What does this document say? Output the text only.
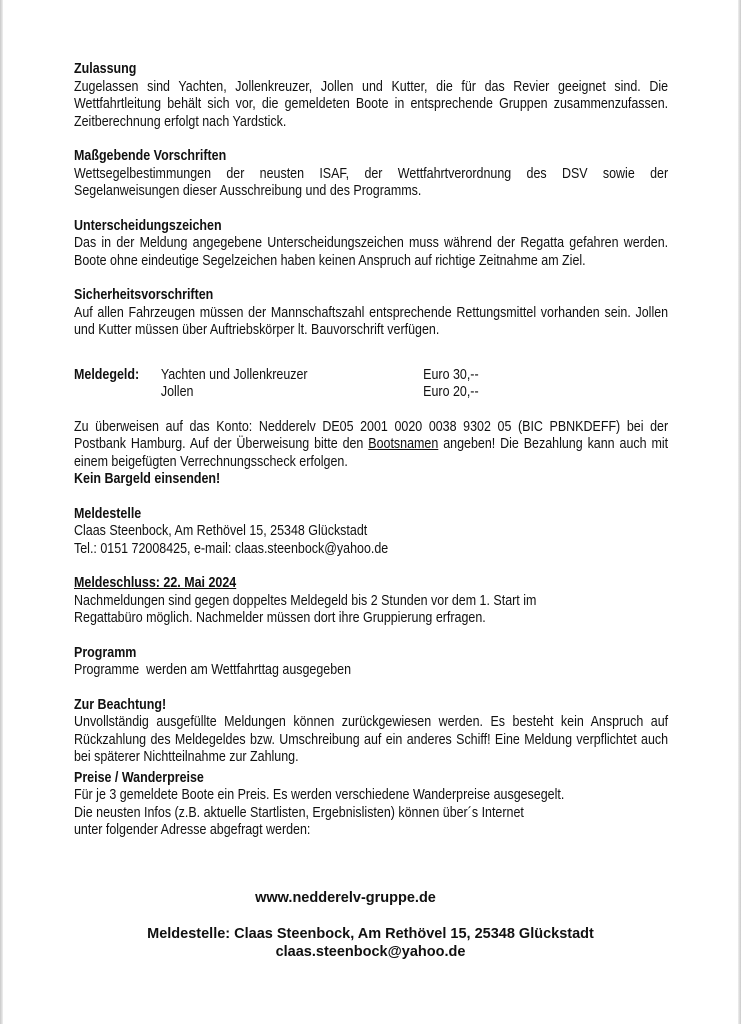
Zulassung

Zugelassen sind Yachten, Jollenkreuzer, Jollen und Kutter, die für das Revier geeignet sind. Die Wettfahrtleitung behält sich vor, die gemeldeten Boote in entsprechende Gruppen zusammenzufassen. Zeitberechnung erfolgt nach Yardstick.

Maßgebende Vorschriften

Wettsegelbestimmungen der neusten ISAF, der Wettfahrtverordnung des DSV sowie der Segelanweisungen dieser Ausschreibung und des Programms.

Unterscheidungszeichen

Das in der Meldung angegebene Unterscheidungszeichen muss während der Regatta gefahren werden. Boote ohne eindeutige Segelzeichen haben keinen Anspruch auf richtige Zeitnahme am Ziel.

Sicherheitsvorschriften

Auf allen Fahrzeugen müssen der Mannschaftszahl entsprechende Rettungsmittel vorhanden sein. Jollen und Kutter müssen über Auftriebskörper lt. Bauvorschrift verfügen.

Meldegeld: Yachten und Jollenkreuzer	Euro 30,--
Jollen	Euro 20,--

Zu überweisen auf das Konto: Nedderelv DE05 2001 0020 0038 9302 05 (BIC PBNKDEFF) bei der Postbank Hamburg. Auf der Überweisung bitte den Bootsnamen angeben! Die Bezahlung kann auch mit einem beigefügten Verrechnungsscheck erfolgen.

Kein Bargeld einsenden!

Meldestelle

Claas Steenbock, Am Rethövel 15, 25348 Glückstadt

Tel.: 0151 72008425, e-mail: claas.steenbock@yahoo.de

Meldeschluss: 22. Mai 2024

Nachmeldungen sind gegen doppeltes Meldegeld bis 2 Stunden vor dem 1. Start im Regattabüro möglich. Nachmelder müssen dort ihre Gruppierung erfragen.

Programm

Programme  werden am Wettfahrttag ausgegeben

Zur Beachtung!

Unvollständig ausgefüllte Meldungen können zurückgewiesen werden. Es besteht kein Anspruch auf Rückzahlung des Meldegeldes bzw. Umschreibung auf ein anderes Schiff! Eine Meldung verpflichtet auch bei späterer Nichtteilnahme zur Zahlung.

Preise / Wanderpreise

Für je 3 gemeldete Boote ein Preis. Es werden verschiedene Wanderpreise ausgesegelt.

Die neusten Infos (z.B. aktuelle Startlisten, Ergebnislisten) können über´s Internet unter folgender Adresse abgefragt werden:

www.nedderelv-gruppe.de
Meldestelle: Claas Steenbock, Am Rethövel 15, 25348 Glückstadt
claas.steenbock@yahoo.de
